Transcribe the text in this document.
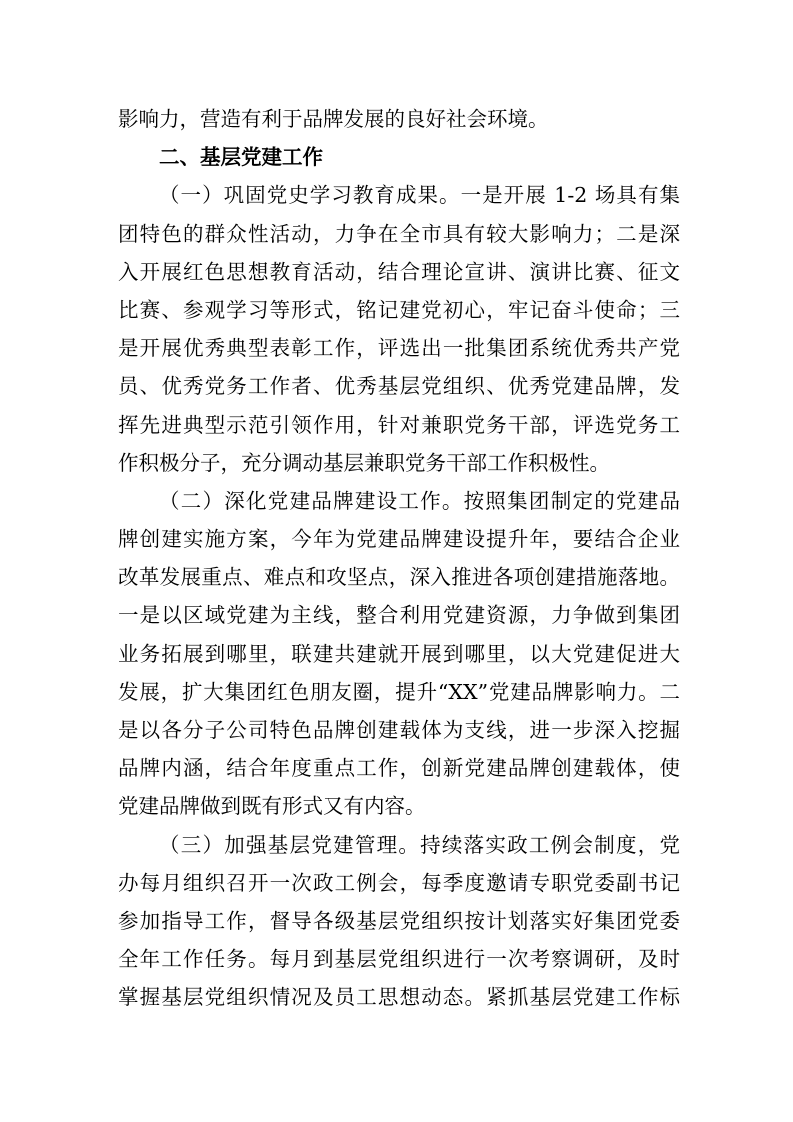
影响力，营造有利于品牌发展的良好社会环境。
二、基层党建工作
（一）巩固党史学习教育成果。一是开展 1-2 场具有集
团特色的群众性活动，力争在全市具有较大影响力；二是深
入开展红色思想教育活动，结合理论宣讲、演讲比赛、征文
比赛、参观学习等形式，铭记建党初心，牢记奋斗使命；三
是开展优秀典型表彰工作，评选出一批集团系统优秀共产党
员、优秀党务工作者、优秀基层党组织、优秀党建品牌，发
挥先进典型示范引领作用，针对兼职党务干部，评选党务工
作积极分子，充分调动基层兼职党务干部工作积极性。
（二）深化党建品牌建设工作。按照集团制定的党建品
牌创建实施方案，今年为党建品牌建设提升年，要结合企业
改革发展重点、难点和攻坚点，深入推进各项创建措施落地。
一是以区域党建为主线，整合利用党建资源，力争做到集团
业务拓展到哪里，联建共建就开展到哪里，以大党建促进大
发展，扩大集团红色朋友圈，提升“XX”党建品牌影响力。二
是以各分子公司特色品牌创建载体为支线，进一步深入挖掘
品牌内涵，结合年度重点工作，创新党建品牌创建载体，使
党建品牌做到既有形式又有内容。
（三）加强基层党建管理。持续落实政工例会制度，党
办每月组织召开一次政工例会，每季度邀请专职党委副书记
参加指导工作，督导各级基层党组织按计划落实好集团党委
全年工作任务。每月到基层党组织进行一次考察调研，及时
掌握基层党组织情况及员工思想动态。紧抓基层党建工作标
